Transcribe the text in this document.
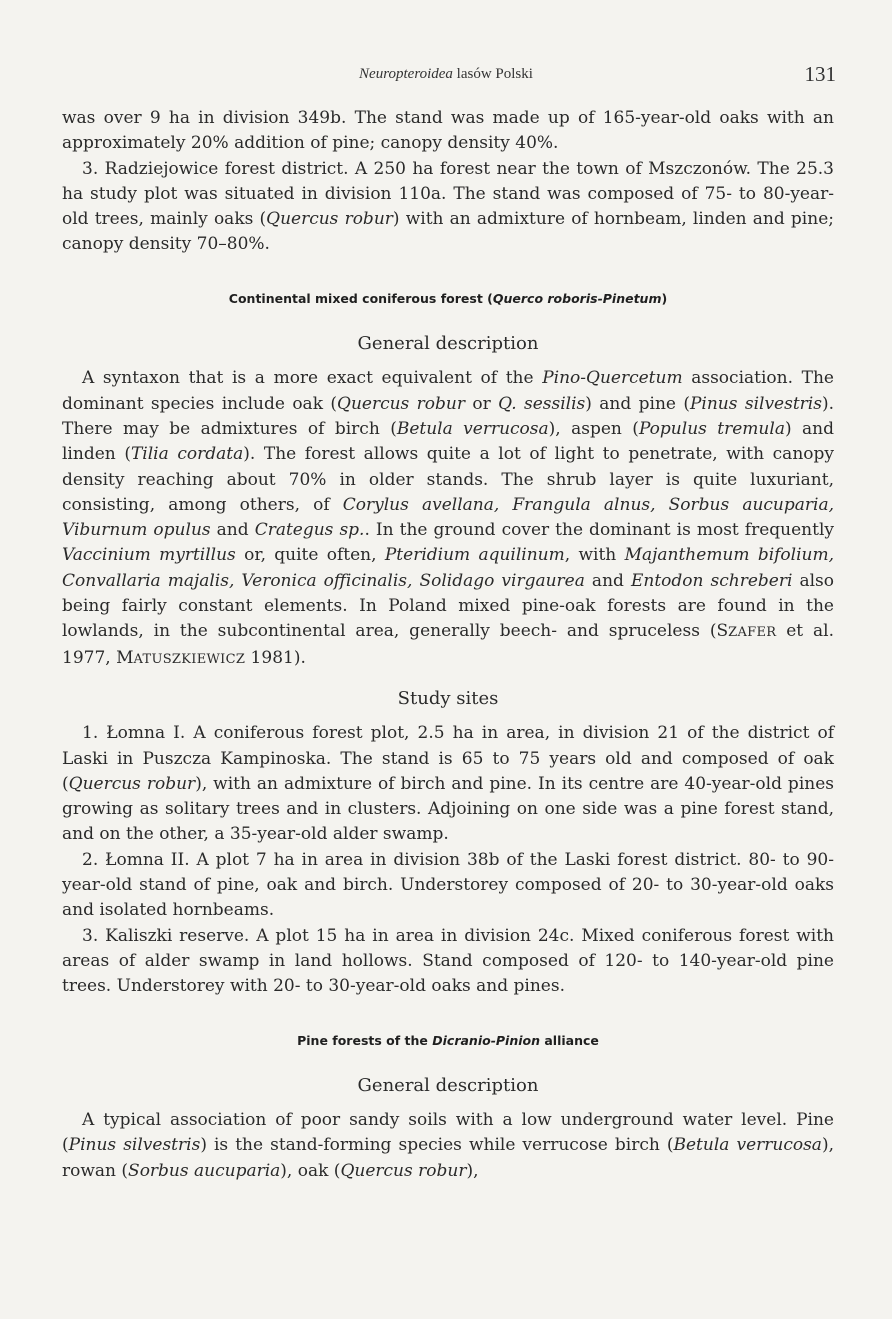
Neuropteroidea lasów Polski	131

was over 9 ha in division 349b. The stand was made up of 165-year-old oaks with an approximately 20% addition of pine; canopy density 40%.

3. Radziejowice forest district. A 250 ha forest near the town of Mszczonów. The 25.3 ha study plot was situated in division 110a. The stand was composed of 75- to 80-year-old trees, mainly oaks (Quercus robur) with an admixture of hornbeam, linden and pine; canopy density 70–80%.

Continental mixed coniferous forest (Querco roboris-Pinetum)

General description

A syntaxon that is a more exact equivalent of the Pino-Quercetum association. The dominant species include oak (Quercus robur or Q. sessilis) and pine (Pinus silvestris). There may be admixtures of birch (Betula verrucosa), aspen (Populus tremula) and linden (Tilia cordata). The forest allows quite a lot of light to penetrate, with canopy density reaching about 70% in older stands. The shrub layer is quite luxuriant, consisting, among others, of Corylus avellana, Frangula alnus, Sorbus aucuparia, Viburnum opulus and Crategus sp.. In the ground cover the dominant is most frequently Vaccinium myrtillus or, quite often, Pteridium aquilinum, with Majanthemum bifolium, Convallaria majalis, Veronica officinalis, Solidago virgaurea and Entodon schreberi also being fairly constant elements. In Poland mixed pine-oak forests are found in the lowlands, in the subcontinental area, generally beech- and spruceless (SZAFER et al. 1977, MATUSZKIEWICZ 1981).

Study sites

1. Łomna I. A coniferous forest plot, 2.5 ha in area, in division 21 of the district of Laski in Puszcza Kampinoska. The stand is 65 to 75 years old and composed of oak (Quercus robur), with an admixture of birch and pine. In its centre are 40-year-old pines growing as solitary trees and in clusters. Adjoining on one side was a pine forest stand, and on the other, a 35-year-old alder swamp.

2. Łomna II. A plot 7 ha in area in division 38b of the Laski forest district. 80- to 90-year-old stand of pine, oak and birch. Understorey composed of 20- to 30-year-old oaks and isolated hornbeams.

3. Kaliszki reserve. A plot 15 ha in area in division 24c. Mixed coniferous forest with areas of alder swamp in land hollows. Stand composed of 120- to 140-year-old pine trees. Understorey with 20- to 30-year-old oaks and pines.

Pine forests of the Dicranio-Pinion alliance

General description

A typical association of poor sandy soils with a low underground water level. Pine (Pinus silvestris) is the stand-forming species while verrucose birch (Betula verrucosa), rowan (Sorbus aucuparia), oak (Quercus robur),
